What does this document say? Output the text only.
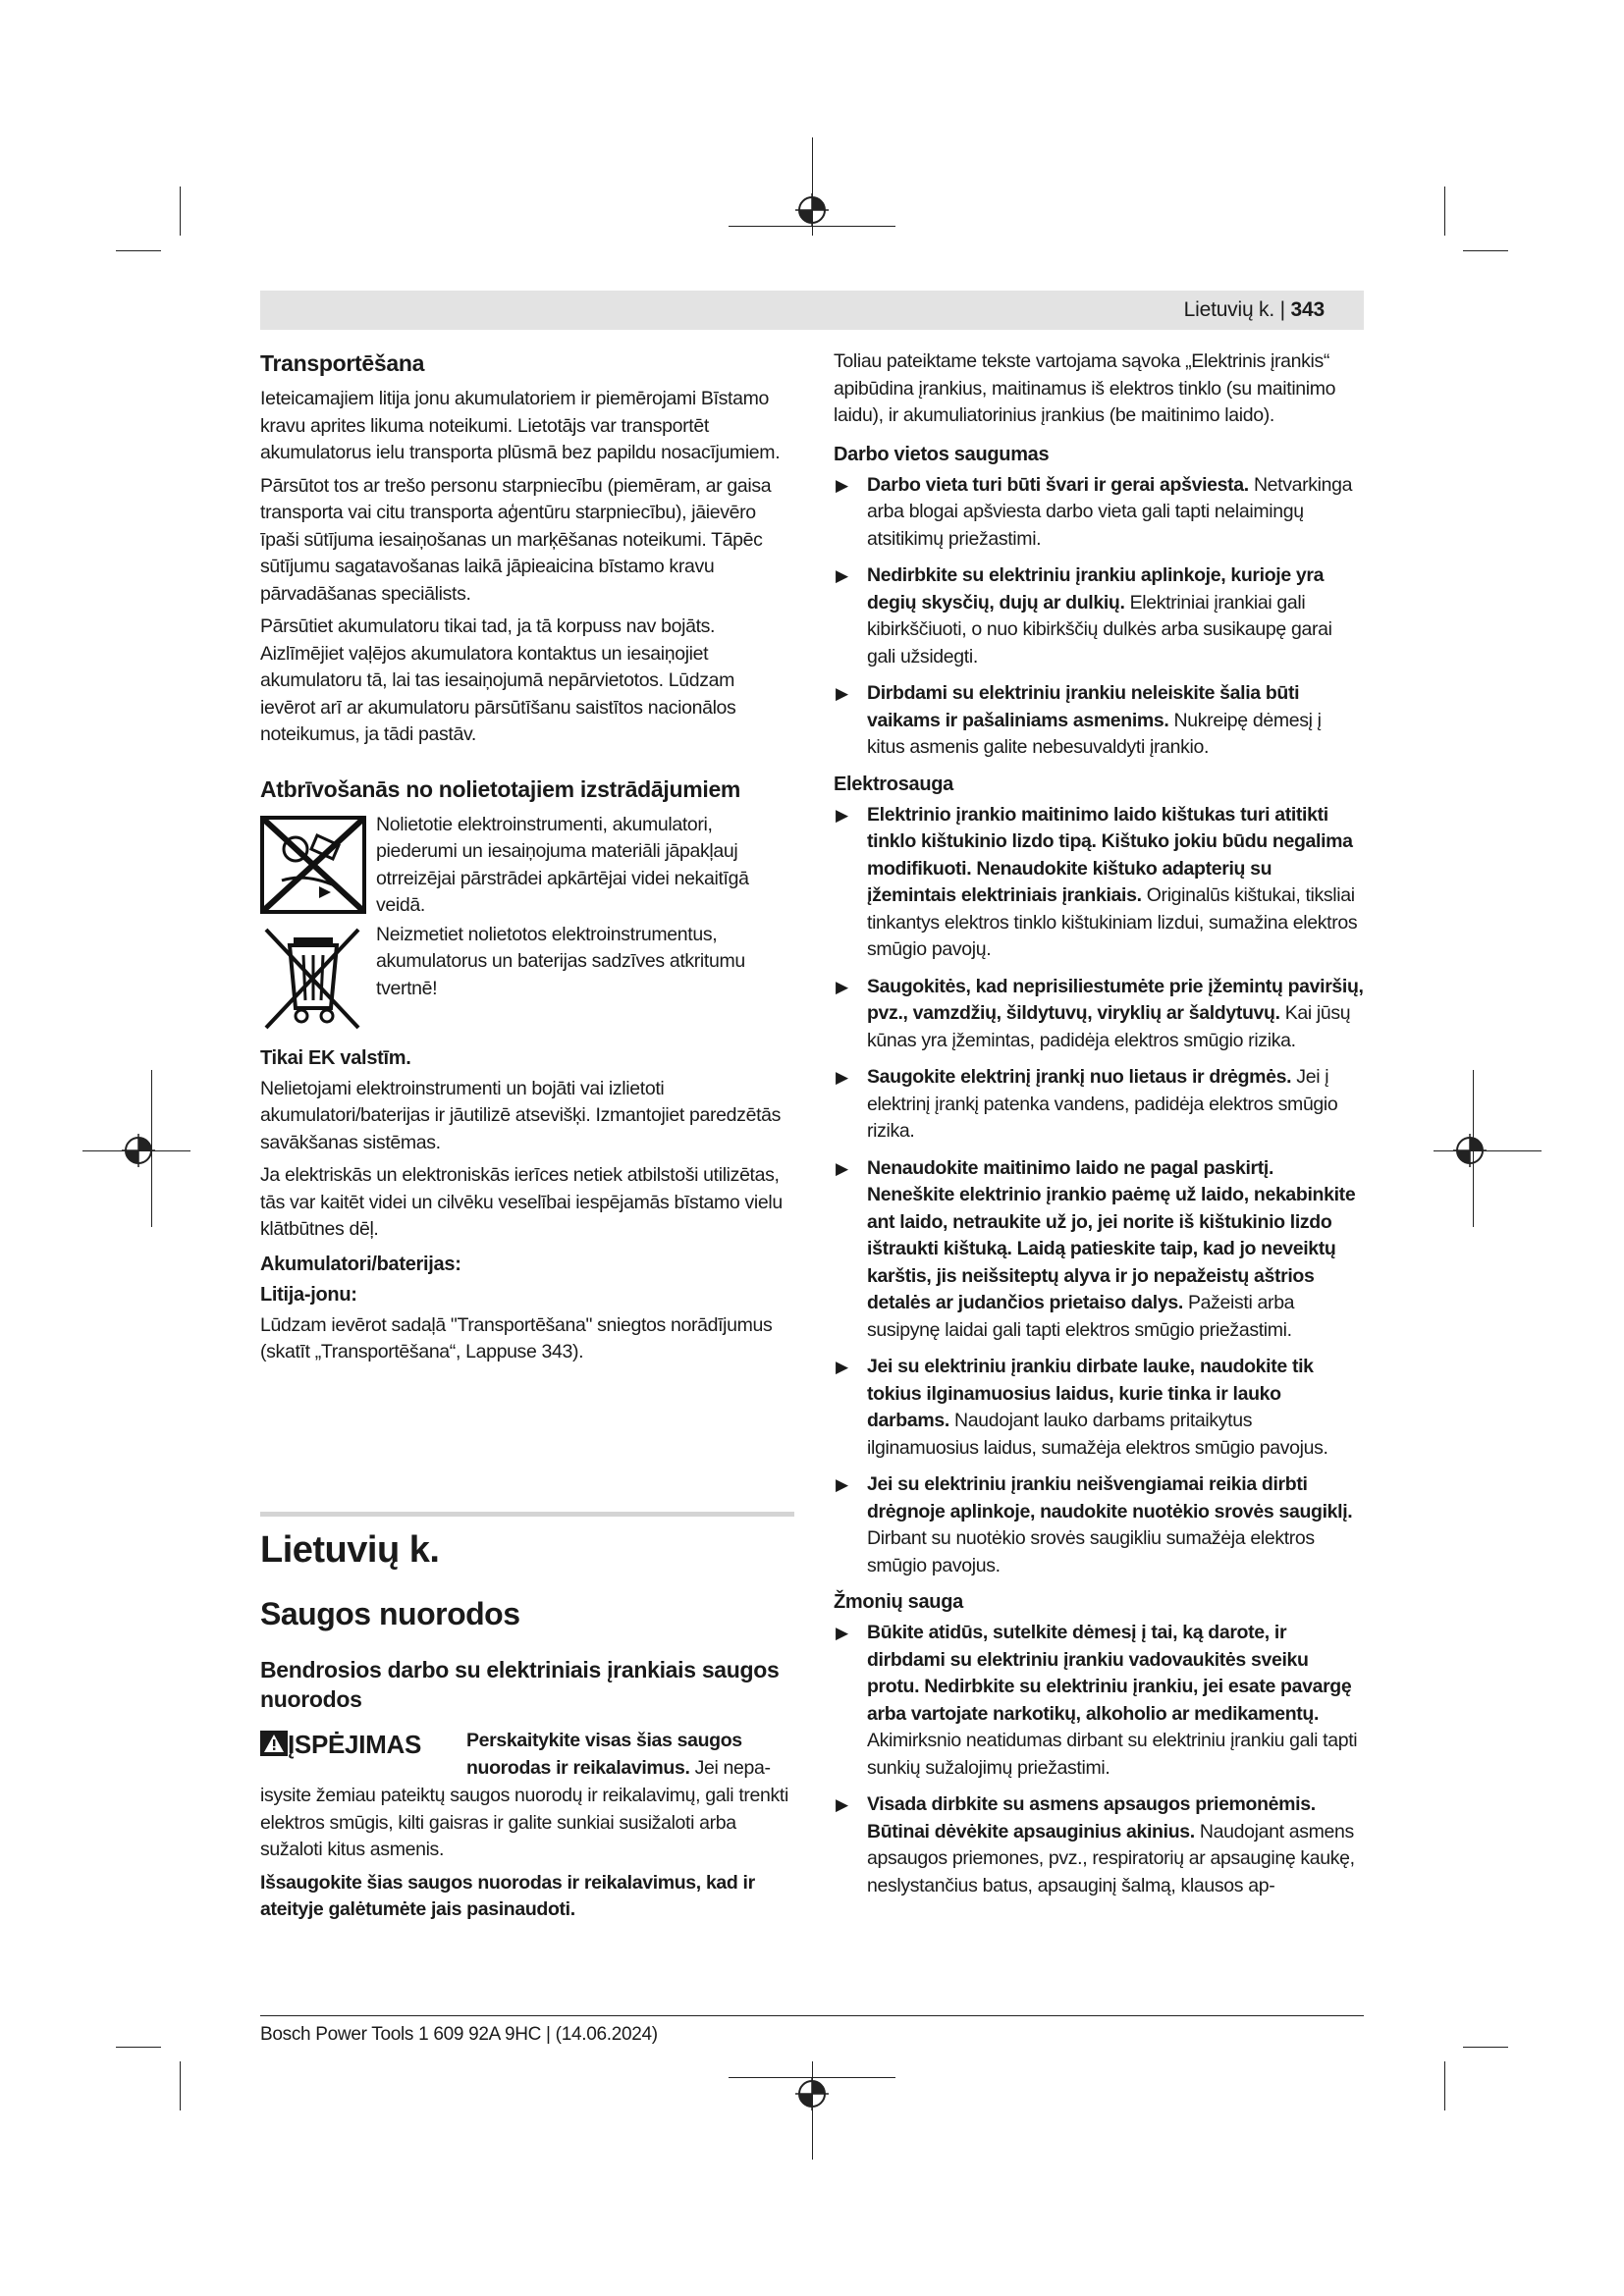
Lietuvių k. | 343
Transportēšana

Ieteicamajiem litija jonu akumulatoriem ir piemērojami Bīstamo kravu aprites likuma noteikumi. Lietotājs var transportēt akumulatorus ielu transporta plūsmā bez papildu nosacījumiem.

Pārsūtot tos ar trešo personu starpniecību (piemēram, ar gaisa transporta vai citu transporta aģentūru starpniecību), jāievēro īpaši sūtījuma iesaiņošanas un marķēšanas noteikumi. Tāpēc sūtījumu sagatavošanas laikā jāpieaicina bīstamo kravu pārvadāšanas speciālists.

Pārsūtiet akumulatoru tikai tad, ja tā korpuss nav bojāts. Aizlīmējiet vaļējos akumulatora kontaktus un iesaiņojiet akumulatoru tā, lai tas iesaiņojumā nepārvietotos. Lūdzam ievērot arī ar akumulatoru pārsūtīšanu saistītos nacionālos noteikumus, ja tādi pastāv.

Atbrīvošanās no nolietotajiem izstrādājumiem

Nolietotie elektroinstrumenti, akumulatori, piederumi un iesaiņojuma materiāli jāpakļauj otrreizējai pārstrādei apkārtējai videi nekaitīgā veidā.

Neizmetiet nolietotos elektroinstrumentus, akumulatorus un baterijas sadzīves atkritumu tvertnē!

Tikai EK valstīm.

Nelietojami elektroinstrumenti un bojāti vai izlietoti akumulatori/baterijas ir jāutilizē atsevišķi. Izmantojiet paredzētās savākšanas sistēmas.

Ja elektriskās un elektroniskās ierīces netiek atbilstoši utilizētas, tās var kaitēt videi un cilvēku veselībai iespējamās bīstamo vielu klātbūtnes dēļ.

Akumulatori/baterijas:
Litija-jonu:

Lūdzam ievērot sadaļā "Transportēšana" sniegtos norādījumus (skatīt „Transportēšana“, Lappuse 343).

Lietuvių k.
Saugos nuorodos
Bendrosios darbo su elektriniais įrankiais saugos nuorodos
ĮSPĖJIMAS Perskaitykite visas šias saugos nuorodas ir reikalavimus. Jei nepa-

isysite žemiau pateiktų saugos nuorodų ir reikalavimų, gali trenkti elektros smūgis, kilti gaisras ir galite sunkiai susižaloti arba sužaloti kitus asmenis.

Išsaugokite šias saugos nuorodas ir reikalavimus, kad ir ateityje galėtumėte jais pasinaudoti.

Toliau pateiktame tekste vartojama sąvoka „Elektrinis įrankis“ apibūdina įrankius, maitinamus iš elektros tinklo (su maitinimo laidu), ir akumuliatorinius įrankius (be maitinimo laido).

Darbo vietos saugumas
▶ Darbo vieta turi būti švari ir gerai apšviesta. Netvarkinga arba blogai apšviesta darbo vieta gali tapti nelaimingų atsitikimų priežastimi.
▶ Nedirbkite su elektriniu įrankiu aplinkoje, kurioje yra degių skysčių, dujų ar dulkių. Elektriniai įrankiai gali kibirkščiuoti, o nuo kibirkščių dulkės arba susikaupę garai gali užsidegti.
▶ Dirbdami su elektriniu įrankiu neleiskite šalia būti vaikams ir pašaliniams asmenims. Nukreipę dėmesį į kitus asmenis galite nebesuvaldyti įrankio.
Elektrosauga
▶ Elektrinio įrankio maitinimo laido kištukas turi atitikti tinklo kištukinio lizdo tipą. Kištuko jokiu būdu negalima modifikuoti. Nenaudokite kištuko adapterių su įžemintais elektriniais įrankiais. Originalūs kištukai, tiksliai tinkantys elektros tinklo kištukiniam lizdui, sumažina elektros smūgio pavojų.
▶ Saugokitės, kad neprisiliestumėte prie įžemintų paviršių, pvz., vamzdžių, šildytuvų, viryklių ar šaldytuvų. Kai jūsų kūnas yra įžemintas, padidėja elektros smūgio rizika.
▶ Saugokite elektrinį įrankį nuo lietaus ir drėgmės. Jei į elektrinį įrankį patenka vandens, padidėja elektros smūgio rizika.
▶ Nenaudokite maitinimo laido ne pagal paskirtį. Neneškite elektrinio įrankio paėmę už laido, nekabinkite ant laido, netraukite už jo, jei norite iš kištukinio lizdo ištraukti kištuką. Laidą patieskite taip, kad jo neveiktų karštis, jis neišsiteptų alyva ir jo nepažeistų aštrios detalės ar judančios prietaiso dalys. Pažeisti arba susipynę laidai gali tapti elektros smūgio priežastimi.
▶ Jei su elektriniu įrankiu dirbate lauke, naudokite tik tokius ilginamuosius laidus, kurie tinka ir lauko darbams. Naudojant lauko darbams pritaikytus ilginamuosius laidus, sumažėja elektros smūgio pavojus.
▶ Jei su elektriniu įrankiu neišvengiamai reikia dirbti drėgnoje aplinkoje, naudokite nuotėkio srovės saugiklį. Dirbant su nuotėkio srovės saugikliu sumažėja elektros smūgio pavojus.
Žmonių sauga
▶ Būkite atidūs, sutelkite dėmesį į tai, ką darote, ir dirbdami su elektriniu įrankiu vadovaukitės sveiku protu. Nedirbkite su elektriniu įrankiu, jei esate pavargę arba vartojate narkotikų, alkoholio ar medikamentų. Akimirksnio neatidumas dirbant su elektriniu įrankiu gali tapti sunkių sužalojimų priežastimi.
▶ Visada dirbkite su asmens apsaugos priemonėmis. Būtinai dėvėkite apsauginius akinius. Naudojant asmens apsaugos priemones, pvz., respiratorių ar apsauginę kaukę, neslystančius batus, apsauginį šalmą, klausos ap-
Bosch Power Tools 1 609 92A 9HC | (14.06.2024)
